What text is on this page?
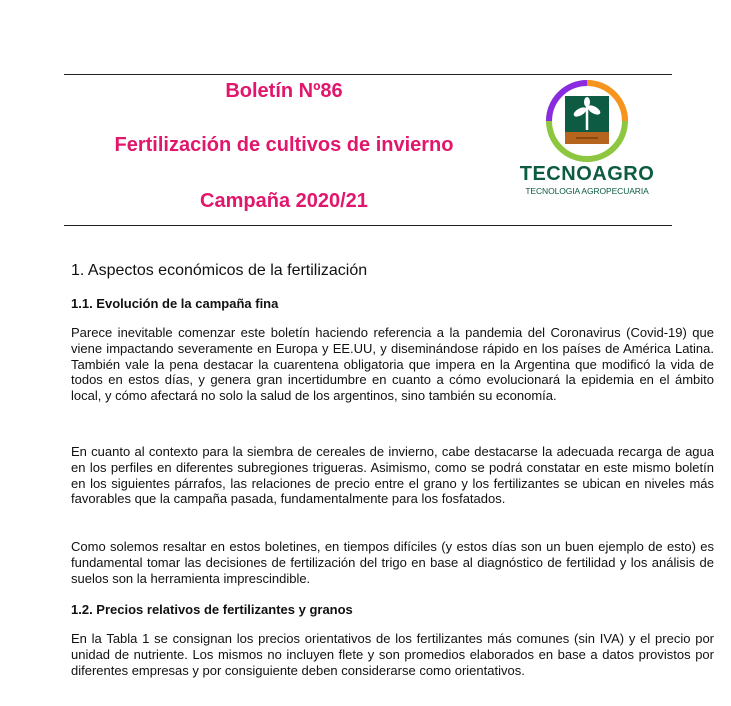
Boletín Nº86

Fertilización de cultivos de invierno

Campaña 2020/21

TECNOAGRO
TECNOLOGIA AGROPECUARIA
1. Aspectos económicos de la fertilización
1.1. Evolución de la campaña fina

Parece inevitable comenzar este boletín haciendo referencia a la pandemia del Coronavirus (Covid-19) que viene impactando severamente en Europa y EE.UU, y diseminándose rápido en los países de América Latina. También vale la pena destacar la cuarentena obligatoria que impera en la Argentina que modificó la vida de todos en estos días, y genera gran incertidumbre en cuanto a cómo evolucionará la epidemia en el ámbito local, y cómo afectará no solo la salud de los argentinos, sino también su economía.

En cuanto al contexto para la siembra de cereales de invierno, cabe destacarse la adecuada recarga de agua en los perfiles en diferentes subregiones trigueras. Asimismo, como se podrá constatar en este mismo boletín en los siguientes párrafos, las relaciones de precio entre el grano y los fertilizantes se ubican en niveles más favorables que la campaña pasada, fundamentalmente para los fosfatados.

Como solemos resaltar en estos boletines, en tiempos difíciles (y estos días son un buen ejemplo de esto) es fundamental tomar las decisiones de fertilización del trigo en base al diagnóstico de fertilidad y los análisis de suelos son la herramienta imprescindible.

1.2. Precios relativos de fertilizantes y granos

En la Tabla 1 se consignan los precios orientativos de los fertilizantes más comunes (sin IVA) y el precio por unidad de nutriente. Los mismos no incluyen flete y son promedios elaborados en base a datos provistos por diferentes empresas y por consiguiente deben considerarse como orientativos.
